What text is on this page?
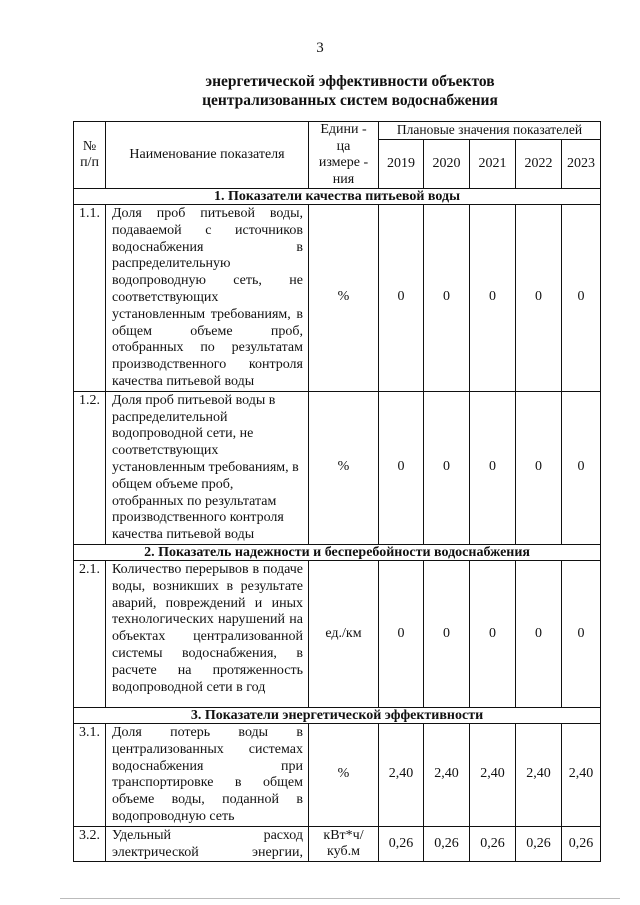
3
энергетической эффективности объектов
централизованных систем водоснабжения
№ п/п	Наименование показателя	Едини - ца измере - ния	Плановые значения показателей				
			2019	2020	2021	2022	2023
1. Показатели качества питьевой воды							
1.1.	Доля проб питьевой воды, подаваемой с источников водоснабжения в распределительную водопроводную сеть, не соответствующих установленным требованиям, в общем объеме проб, отобранных по результатам производственного контроля качества питьевой воды	%	0	0	0	0	0
1.2.	Доля проб питьевой воды в распределительной водопроводной сети, не соответствующих установленным требованиям, в общем объеме проб, отобранных по результатам производственного контроля качества питьевой воды	%	0	0	0	0	0
2. Показатель надежности и бесперебойности водоснабжения							
2.1.	Количество перерывов в подаче воды, возникших в результате аварий, повреждений и иных технологических нарушений на объектах централизованной системы водоснабжения, в расчете на протяженность водопроводной сети в год	ед./км	0	0	0	0	0
3. Показатели энергетической эффективности							
3.1.	Доля потерь воды в централизованных системах водоснабжения при транспортировке в общем объеме воды, поданной в водопроводную сеть	%	2,40	2,40	2,40	2,40	2,40
3.2.	Удельный расход электрической энергии,	кВт*ч/ куб.м	0,26	0,26	0,26	0,26	0,26
